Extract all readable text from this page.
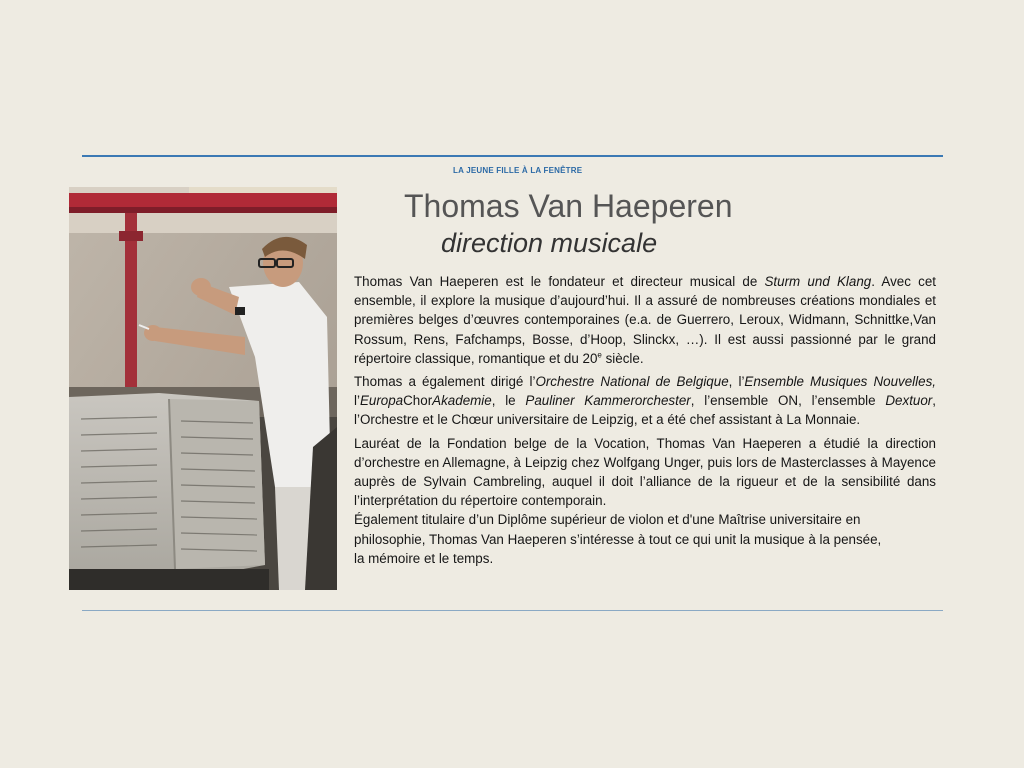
LA JEUNE FILLE À LA FENÊTRE
Thomas Van Haeperen
direction musicale

Thomas Van Haeperen est le fondateur et directeur musical de Sturm und Klang. Avec cet ensemble, il explore la musique d’aujourd’hui. Il a assuré de nombreuses créations mondiales et premières belges d’œuvres contemporaines (e.a. de Guerrero, Leroux, Widmann, Schnittke,Van Rossum, Rens, Fafchamps, Bosse, d’Hoop, Slinckx, …). Il est aussi passionné par le grand répertoire classique, romantique et du 20e siècle.

Thomas a également dirigé l’Orchestre National de Belgique, l’Ensemble Musiques Nouvelles, l’EuropaChorAkademie, le Pauliner Kammerorchester, l’ensemble ON, l’ensemble Dextuor, l’Orchestre et le Chœur universitaire de Leipzig, et a été chef assistant à La Monnaie.

Lauréat de la Fondation belge de la Vocation, Thomas Van Haeperen a étudié la direction d’orchestre en Allemagne, à Leipzig chez Wolfgang Unger, puis lors de Masterclasses à Mayence auprès de Sylvain Cambreling, auquel il doit l’alliance de la rigueur et de la sensibilité dans l’interprétation du répertoire contemporain.

Également titulaire d’un Diplôme supérieur de violon et d'une Maîtrise universitaire en
philosophie, Thomas Van Haeperen s’intéresse à tout ce qui unit la musique à la pensée,
la mémoire et le temps.
